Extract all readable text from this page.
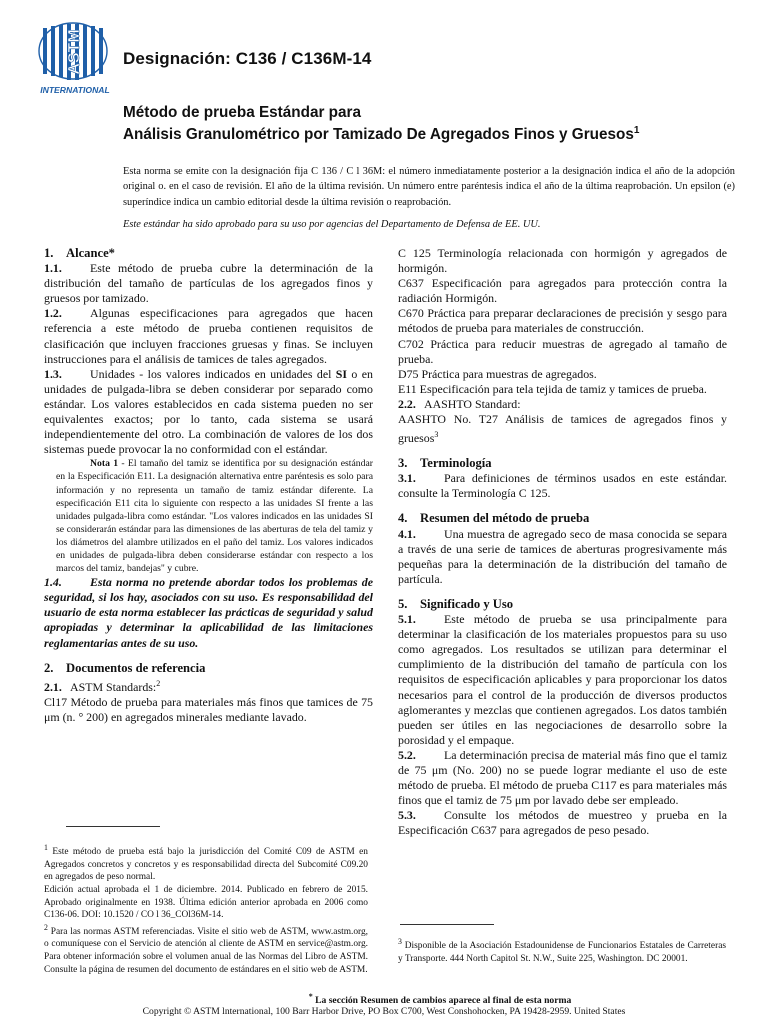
ASTM
INTERNATIONAL
Designación: C136 / C136M-14
Método de prueba Estándar para
Análisis Granulométrico por Tamizado De Agregados Finos y Gruesos$^1$
Esta norma se emite con la designación fija C 136 / C l 36M: el número inmediatamente posterior a la designación indica el año de la adopción original o. en el caso de revisión. El año de la última revisión. Un número entre paréntesis indica el año de la última reaprobación. Un epsilon (e) superíndice indica un cambio editorial desde la última revisión o reaprobación.
Este estándar ha sido aprobado para su uso por agencias del Departamento de Defensa de EE. UU.

1. Alcance*

1.1. Este método de prueba cubre la determinación de la distribución del tamaño de partículas de los agregados finos y gruesos por tamizado.

1.2. Algunas especificaciones para agregados que hacen referencia a este método de prueba contienen requisitos de clasificación que incluyen fracciones gruesas y finas. Se incluyen instrucciones para el análisis de tamices de tales agregados.

1.3. Unidades - los valores indicados en unidades del SI o en unidades de pulgada-libra se deben considerar por separado como estándar. Los valores establecidos en cada sistema pueden no ser equivalentes exactos; por lo tanto, cada sistema se usará independientemente del otro. La combinación de valores de los dos sistemas puede provocar la no conformidad con el estándar.

Nota 1 - El tamaño del tamiz se identifica por su designación estándar en la Especificación E11. La designación alternativa entre paréntesis es solo para información y no representa un tamaño de tamiz estándar diferente. La especificación E11 cita lo siguiente con respecto a las unidades SI frente a las unidades pulgada-libra como estándar. "Los valores indicados en las unidades SI se considerarán estándar para las dimensiones de las aberturas de tela del tamiz y los diámetros del alambre utilizados en el paño del tamiz. Los valores indicados en unidades de pulgada-libra deben considerarse estándar con respecto a los marcos del tamiz, bandejas" y cubre.

1.4. Esta norma no pretende abordar todos los problemas de seguridad, si los hay, asociados con su uso. Es responsabilidad del usuario de esta norma establecer las prácticas de seguridad y salud apropiadas y determinar la aplicabilidad de las limitaciones reglamentarias antes de su uso.

2. Documentos de referencia

2.1. ASTM Standards:$^2$

Cl17 Método de prueba para materiales más finos que tamices de 75 μm (n. ° 200) en agregados minerales mediante lavado.

C 125 Terminología relacionada con hormigón y agregados de hormigón.

C637 Especificación para agregados para protección contra la radiación Hormigón.

C670 Práctica para preparar declaraciones de precisión y sesgo para métodos de prueba para materiales de construcción.

C702 Práctica para reducir muestras de agregado al tamaño de prueba.

D75 Práctica para muestras de agregados.

E11 Especificación para tela tejida de tamiz y tamices de prueba.

2.2. AASHTO Standard:

AASHTO No. T27 Análisis de tamices de agregados finos y gruesos$^3$

3. Terminología

3.1. Para definiciones de términos usados en este estándar. consulte la Terminología C 125.

4. Resumen del método de prueba

4.1. Una muestra de agregado seco de masa conocida se separa a través de una serie de tamices de aberturas progresivamente más pequeñas para la determinación de la distribución del tamaño de partícula.

5. Significado y Uso

5.1. Este método de prueba se usa principalmente para determinar la clasificación de los materiales propuestos para su uso como agregados. Los resultados se utilizan para determinar el cumplimiento de la distribución del tamaño de partícula con los requisitos de especificación aplicables y para proporcionar los datos necesarios para el control de la producción de diversos productos aglomerantes y mezclas que contienen agregados. Los datos también pueden ser útiles en las negociaciones de desarrollo sobre la porosidad y el empaque.

5.2. La determinación precisa de material más fino que el tamiz de 75 μm (No. 200) no se puede lograr mediante el uso de este método de prueba. El método de prueba C117 es para materiales más finos que el tamiz de 75 μm por lavado debe ser empleado.

5.3. Consulte los métodos de muestreo y prueba en la Especificación C637 para agregados de peso pesado.

$^1$ Este método de prueba está bajo la jurisdicción del Comité C09 de ASTM en Agregados concretos y concretos y es responsabilidad directa del Subcomité C09.20 en agregados de peso normal.

Edición actual aprobada el 1 de diciembre. 2014. Publicado en febrero de 2015. Aprobado originalmente en 1938. Última edición anterior aprobada en 2006 como C136-06. DOI: 10.1520 / CO l 36_COl36M-14.

$^2$ Para las normas ASTM referenciadas. Visite el sitio web de ASTM, www.astm.org, o comuníquese con el Servicio de atención al cliente de ASTM en service@astm.org. Para obtener información sobre el volumen anual de las Normas del Libro de ASTM. Consulte la página de resumen del documento de estándares en el sitio web de ASTM.

$^3$ Disponible de la Asociación Estadounidense de Funcionarios Estatales de Carreteras y Transporte. 444 North Capitol St. N.W., Suite 225, Washington. DC 20001.

* La sección Resumen de cambios aparece al final de esta norma
Copyright © ASTM lnternational, 100 Barr Harbor Drive, PO Box C700, West Conshohocken, PA 19428-2959. United States
